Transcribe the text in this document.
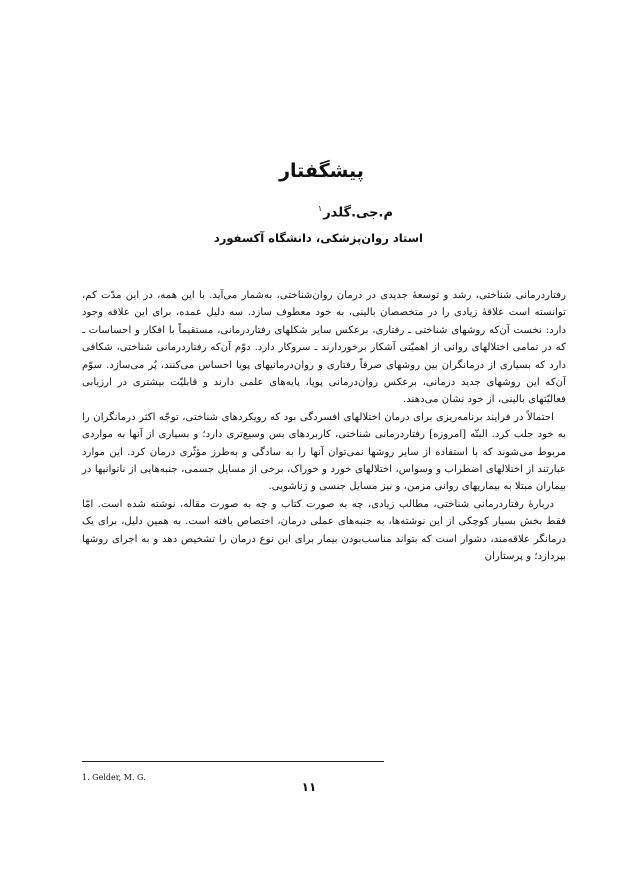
پیشگفتار
م.جی.گلدر$^۱$
استاد روان‌پزشکی، دانشگاه آکسفورد

رفتاردرمانی شناختی، رشد و توسعهٔ جدیدی در درمان روان‌شناختی، به‌شمار می‌آید. با این همه، در این مدّت کم، توانسته است علاقهٔ زیادی را در متخصصان بالینی، به خود معطوف سازد. سه دلیل عمده، برای این علاقه وجود دارد: نخست آن‌که روشهای شناختی ـ رفتاری، برعکس سایر شکلهای رفتاردرمانی، مستقیماً با افکار و احساسات ـ که در تمامی اختلالهای روانی از اهمیّتی آشکار برخوردارند ـ سروکار دارد. دوّم آن‌که رفتاردرمانی شناختی، شکافی دارد که بسیاری از درمانگران بین روشهای صرفاً رفتاری و روان‌درمانیهای پویا احساس می‌کنند، پُر می‌سازد. سوّم آن‌که این روشهای جدید درمانی، برعکس روان‌درمانی پویا، پایه‌های علمی دارند و قابلیّت بیشتری در ارزیابی فعالیّتهای بالینی، از خود نشان می‌دهند.

احتمالاً در فرایند برنامه‌ریزی برای درمان اختلالهای افسردگی بود که رویکردهای شناختی، توجّه اکثر درمانگران را به خود جلب کرد. البتّه [امروزه] رفتاردرمانی شناختی، کاربردهای بس وسیع‌تری دارد؛ و بسیاری از آنها به موارد‌ی مربوط می‌شوند که با استفاده از سایر روشها نمی‌توان آنها را به سادگی و به‌طرز مؤثّری درمان کرد. این موارد عبارتند از اختلالهای اضطراب و وسواس، اختلالهای خورد و خوراک، برخی از مسایل جسمی، جنبه‌هایی از ناتوانیها در بیماران مبتلا به بیماریهای روانی مزمن، و نیز مسایل جنسی و زناشویی.

دربارهٔ رفتاردرمانی شناختی، مطالب زیادی، چه به صورت کتاب و چه به صورت مقاله، نوشته شده است. امّا فقط بخش بسیار کوچکی از این نوشته‌ها، به جنبه‌های عملی درمان، اختصاص یافته است. به همین دلیل، برای یک درمانگر علاقه‌مند، دشوار است که بتواند مناسب‌بودن بیمار برای این نوع درمان را تشخیص دهد و به اجرای روشها بپردازد؛ و پرستاران

1. Gelder, M. G.
۱۱
